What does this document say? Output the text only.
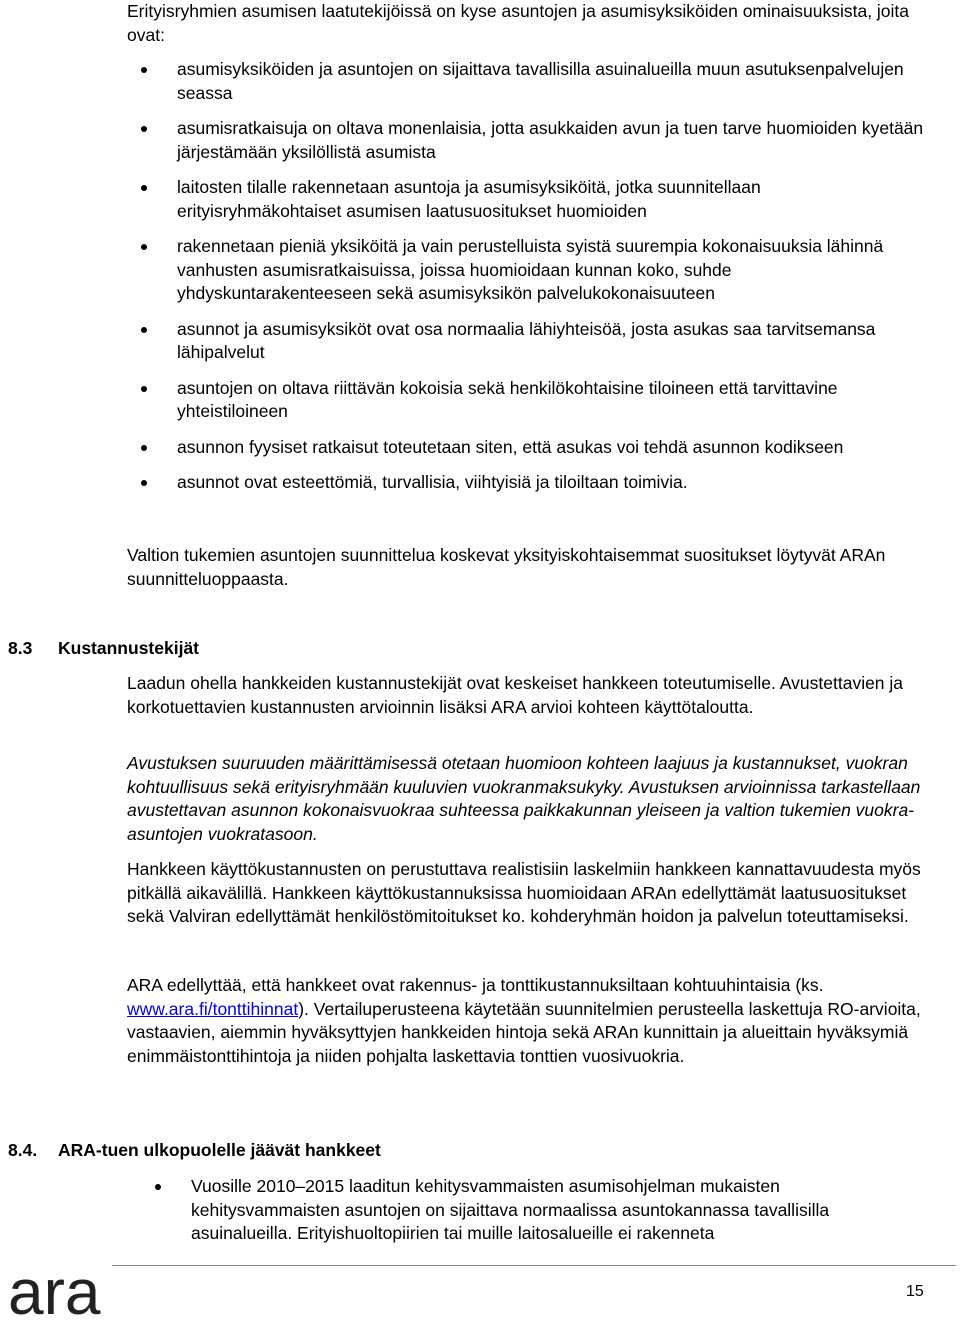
Erityisryhmien asumisen laatutekijöissä on kyse asuntojen ja asumisyksiköiden ominaisuuksista, joita ovat:

asumisyksiköiden ja asuntojen on sijaittava tavallisilla asuinalueilla muun asutuksenpalvelujen seassa
asumisratkaisuja on oltava monenlaisia, jotta asukkaiden avun ja tuen tarve huomioiden kyetään järjestämään yksilöllistä asumista
laitosten tilalle rakennetaan asuntoja ja asumisyksiköitä, jotka suunnitellaan erityisryhmäkohtaiset asumisen laatusuositukset huomioiden
rakennetaan pieniä yksiköitä ja vain perustelluista syistä suurempia kokonaisuuksia lähinnä vanhusten asumisratkaisuissa, joissa huomioidaan kunnan koko, suhde yhdyskuntarakenteeseen sekä asumisyksikön palvelukokonaisuuteen
asunnot ja asumisyksiköt ovat osa normaalia lähiyhteisöä, josta asukas saa tarvitsemansa lähipalvelut
asuntojen on oltava riittävän kokoisia sekä henkilökohtaisine tiloineen että tarvittavine yhteistiloineen
asunnon fyysiset ratkaisut toteutetaan siten, että asukas voi tehdä asunnon kodikseen
asunnot ovat esteettömiä, turvallisia, viihtyisiä ja tiloiltaan toimivia.

Valtion tukemien asuntojen suunnittelua koskevat yksityiskohtaisemmat suositukset löytyvät ARAn suunnitteluoppaasta.

8.3 Kustannustekijät

Laadun ohella hankkeiden kustannustekijät ovat keskeiset hankkeen toteutumiselle. Avustettavien ja korkotuettavien kustannusten arvioinnin lisäksi ARA arvioi kohteen käyttötaloutta.

Avustuksen suuruuden määrittämisessä otetaan huomioon kohteen laajuus ja kustannukset, vuokran kohtuullisuus sekä erityisryhmään kuuluvien vuokranmaksukyky. Avustuksen arvioinnissa tarkastellaan avustettavan asunnon kokonaisvuokraa suhteessa paikkakunnan yleiseen ja valtion tukemien vuokra-asuntojen vuokratasoon.

Hankkeen käyttökustannusten on perustuttava realistisiin laskelmiin hankkeen kannattavuudesta myös pitkällä aikavälillä. Hankkeen käyttökustannuksissa huomioidaan ARAn edellyttämät laatusuositukset sekä Valviran edellyttämät henkilöstömitoitukset ko. kohderyhmän hoidon ja palvelun toteuttamiseksi.

ARA edellyttää, että hankkeet ovat rakennus- ja tonttikustannuksiltaan kohtuuhintaisia (ks. www.ara.fi/tonttihinnat). Vertailuperusteena käytetään suunnitelmien perusteella laskettuja RO-arvioita, vastaavien, aiemmin hyväksyttyjen hankkeiden hintoja sekä ARAn kunnittain ja alueittain hyväksymiä enimmäistonttihintoja ja niiden pohjalta laskettavia tonttien vuosivuokria.

8.4. ARA-tuen ulkopuolelle jäävät hankkeet
Vuosille 2010–2015 laaditun kehitysvammaisten asumisohjelman mukaisten kehitysvammaisten asuntojen on sijaittava normaalissa asuntokannassa tavallisilla asuinalueilla. Erityishuoltopiirien tai muille laitosalueille ei rakenneta
ara	15
